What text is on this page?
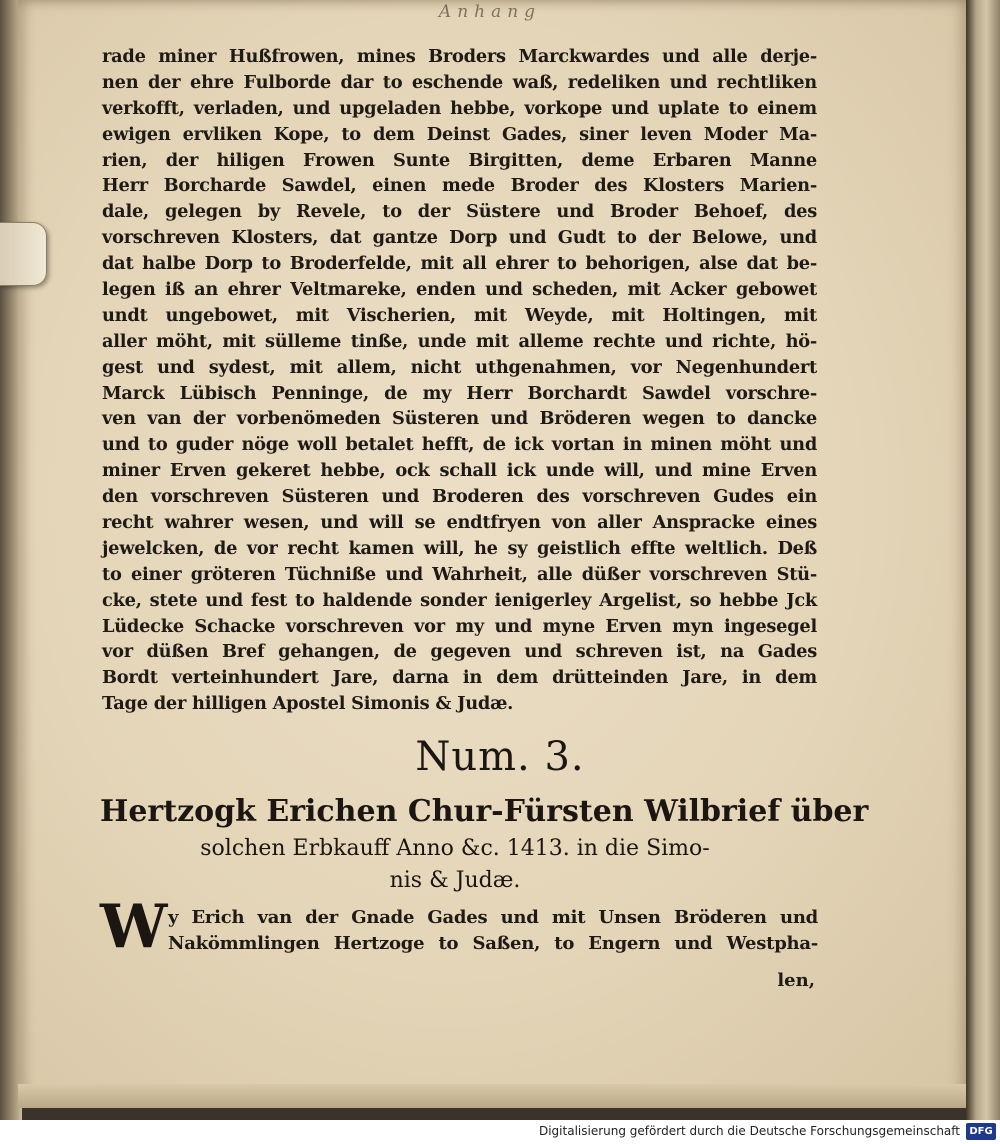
Anhang
rade miner Hußfrowen, mines Broders Marckwardes und alle derje-
nen der ehre Fulborde dar to eschende waß, redeliken und rechtliken
verkofft, verladen, und upgeladen hebbe, vorkope und uplate to einem
ewigen ervliken Kope, to dem Deinst Gades, siner leven Moder Ma-
rien, der hiligen Frowen Sunte Birgitten, deme Erbaren Manne
Herr Borcharde Sawdel, einen mede Broder des Klosters Marien-
dale, gelegen by Revele, to der Süstere und Broder Behoef, des
vorschreven Klosters, dat gantze Dorp und Gudt to der Belowe, und
dat halbe Dorp to Broderfelde, mit all ehrer to behorigen, alse dat be-
legen iß an ehrer Veltmareke, enden und scheden, mit Acker gebowet
undt ungebowet, mit Vischerien, mit Weyde, mit Holtingen, mit
aller möht, mit sülleme tinße, unde mit alleme rechte und richte, hö-
gest und sydest, mit allem, nicht uthgenahmen, vor Negenhundert
Marck Lübisch Penninge, de my Herr Borchardt Sawdel vorschre-
ven van der vorbenömeden Süsteren und Bröderen wegen to dancke
und to guder nöge woll betalet hefft, de ick vortan in minen möht und
miner Erven gekeret hebbe, ock schall ick unde will, und mine Erven
den vorschreven Süsteren und Broderen des vorschreven Gudes ein
recht wahrer wesen, und will se endtfryen von aller Anspracke eines
jewelcken, de vor recht kamen will, he sy geistlich effte weltlich. Deß
to einer gröteren Tüchnißе und Wahrheit, alle düßer vorschreven Stü-
cke, stete und fest to haldende sonder ienigerley Argelist, so hebbe Jck
Lüdecke Schacke vorschreven vor my und myne Erven myn ingesegel
vor düßen Bref gehangen, de gegeven und schreven ist, na Gades
Bordt verteinhundert Jare, darna in dem drütteinden Jare, in dem
Tage der hilligen Apostel Simonis & Judæ.
Num. 3.
Hertzogk Erichen Chur-Fürsten Wilbrief über
solchen Erbkauff Anno &c. 1413. in die Simo-
nis & Judæ.
W y Erich van der Gnade Gades und mit Unsen Bröderen und
Nakömmlingen Hertzoge to Saßen, to Engern und Westpha-
len,
Digitalisierung gefördert durch die Deutsche Forschungsgemeinschaft DFG
